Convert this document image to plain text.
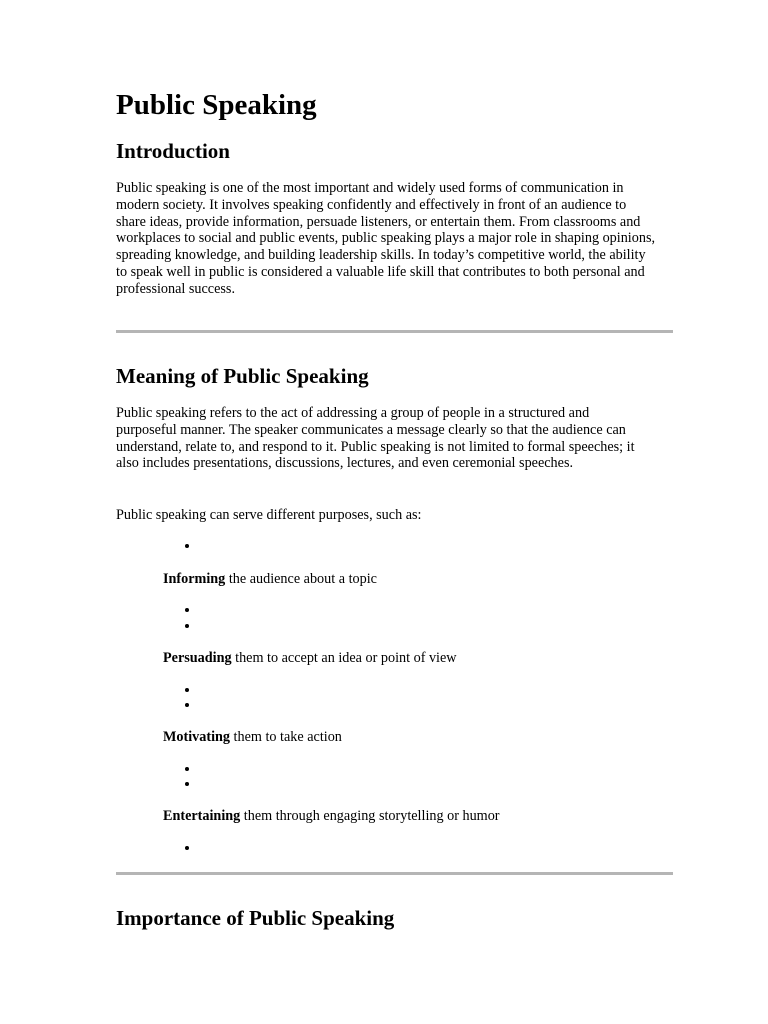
Public Speaking
Introduction

Public speaking is one of the most important and widely used forms of communication in modern society. It involves speaking confidently and effectively in front of an audience to share ideas, provide information, persuade listeners, or entertain them. From classrooms and workplaces to social and public events, public speaking plays a major role in shaping opinions, spreading knowledge, and building leadership skills. In today’s competitive world, the ability to speak well in public is considered a valuable life skill that contributes to both personal and professional success.

Meaning of Public Speaking

Public speaking refers to the act of addressing a group of people in a structured and purposeful manner. The speaker communicates a message clearly so that the audience can understand, relate to, and respond to it. Public speaking is not limited to formal speeches; it also includes presentations, discussions, lectures, and even ceremonial speeches.

Public speaking can serve different purposes, such as:

Informing the audience about a topic

Persuading them to accept an idea or point of view

Motivating them to take action

Entertaining them through engaging storytelling or humor

Importance of Public Speaking
